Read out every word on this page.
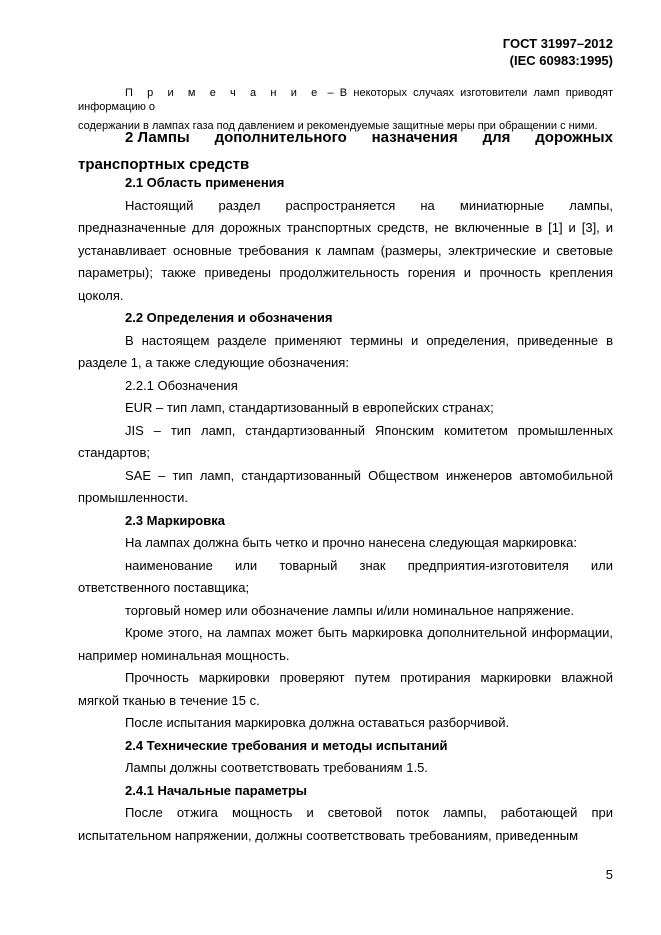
ГОСТ 31997–2012
(IEC 60983:1995)

П р и м е ч а н и е – В некоторых случаях изготовители ламп приводят информацию о

содержании в лампах газа под давлением и рекомендуемые защитные меры при обращении с ними.

2 Лампы дополнительного назначения для дорожных
транспортных средств

2.1 Область применения

Настоящий раздел распространяется на миниатюрные лампы, предназначенные для дорожных транспортных средств, не включенные в [1] и [3], и устанавливает основные требования к лампам (размеры, электрические и световые параметры); также приведены продолжительность горения и прочность крепления цоколя.

2.2 Определения и обозначения

В настоящем разделе применяют термины и определения, приведенные в разделе 1, а также следующие обозначения:

2.2.1 Обозначения

EUR – тип ламп, стандартизованный в европейских странах;

JIS – тип ламп, стандартизованный Японским комитетом промышленных стандартов;

SAE – тип ламп, стандартизованный Обществом инженеров автомобильной промышленности.

2.3 Маркировка

На лампах должна быть четко и прочно нанесена следующая маркировка:

наименование или товарный знак предприятия-изготовителя или ответственного поставщика;

торговый номер или обозначение лампы и/или номинальное напряжение.

Кроме этого, на лампах может быть маркировка дополнительной информации, например номинальная мощность.

Прочность маркировки проверяют путем протирания маркировки влажной мягкой тканью в течение 15 с.

После испытания маркировка должна оставаться разборчивой.

2.4 Технические требования и методы испытаний

Лампы должны соответствовать требованиям 1.5.

2.4.1 Начальные параметры

После отжига мощность и световой поток лампы, работающей при испытательном напряжении, должны соответствовать требованиям, приведенным

5
